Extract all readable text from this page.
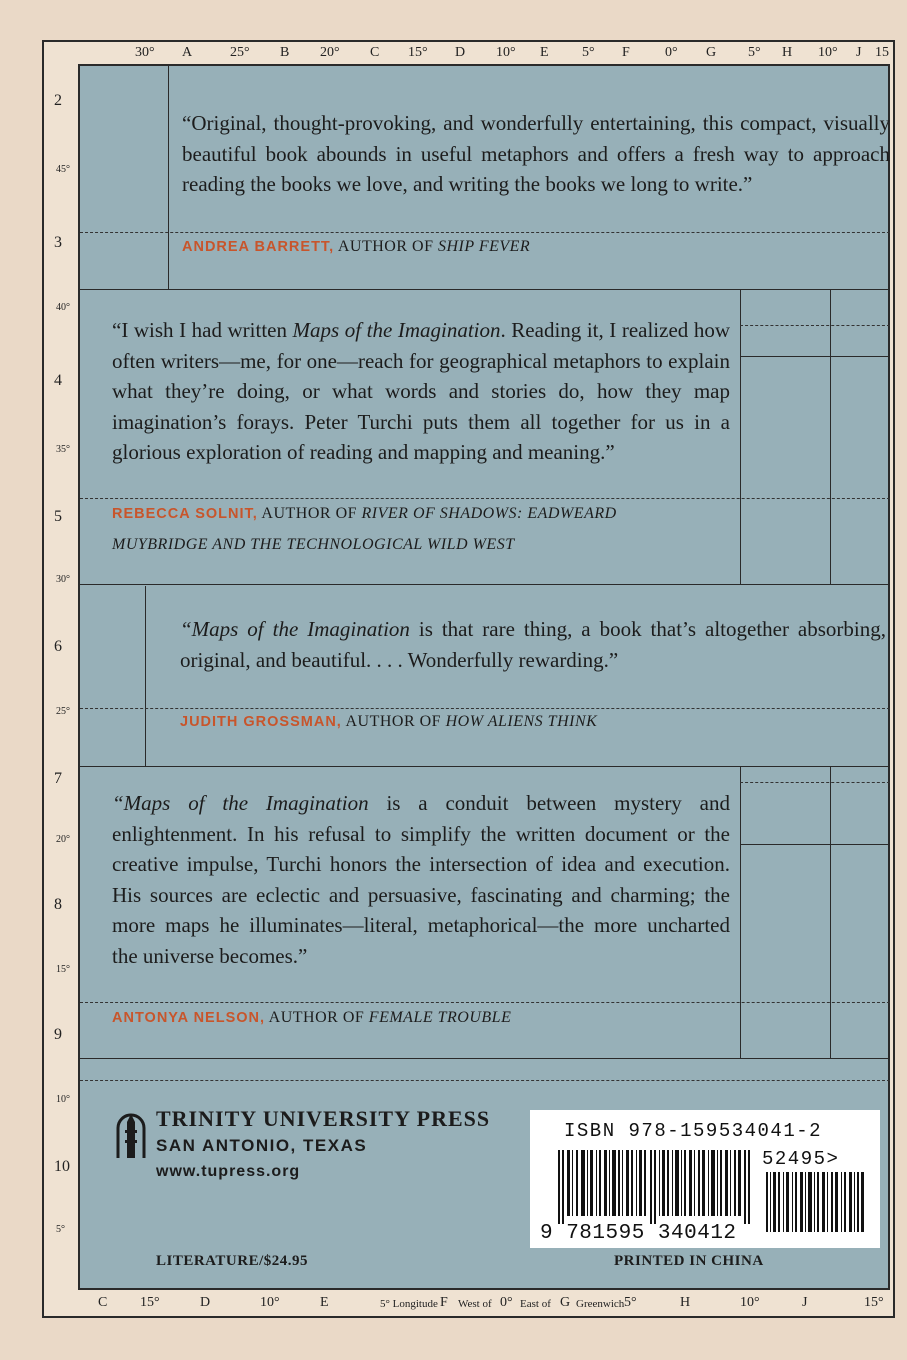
30° A	25° B 20° C 15° D 10° E 5° F	0° G 5° H 10° J 15
C 15°	D	10°	E	5° Longitude F West of 0° East of G Greenwich 5°	H	10°	J	15°
2
3
4
5
6
7
8
9
10
45°
40°
35°
30°
25°
20°
15°
10°
5°
“Original, thought-provoking, and wonderfully entertaining, this compact, visually beautiful book abounds in useful metaphors and offers a fresh way to approach reading the books we love, and writing the books we long to write.”
ANDREA BARRETT, AUTHOR OF SHIP FEVER
“I wish I had written Maps of the Imagination. Reading it, I realized how often writers—me, for one—reach for geographical metaphors to explain what they’re doing, or what words and stories do, how they map imagination’s forays. Peter Turchi puts them all together for us in a glorious exploration of reading and mapping and meaning.”
REBECCA SOLNIT, AUTHOR OF RIVER OF SHADOWS: EADWEARD
MUYBRIDGE AND THE TECHNOLOGICAL WILD WEST
“Maps of the Imagination is that rare thing, a book that’s altogether absorbing, original, and beautiful. . . . Wonderfully rewarding.”
JUDITH GROSSMAN, AUTHOR OF HOW ALIENS THINK
“Maps of the Imagination is a conduit between mystery and enlightenment. In his refusal to simplify the written document or the creative impulse, Turchi honors the intersection of idea and execution. His sources are eclectic and persuasive, fascinating and charming; the more maps he illuminates—literal, metaphorical—the more uncharted the universe becomes.”
ANTONYA NELSON, AUTHOR OF FEMALE TROUBLE
TRINITY UNIVERSITY PRESS
SAN ANTONIO, TEXAS
www.tupress.org
LITERATURE/$24.95	PRINTED IN CHINA
ISBN 978-159534041-2
52495>
9 781595 340412
